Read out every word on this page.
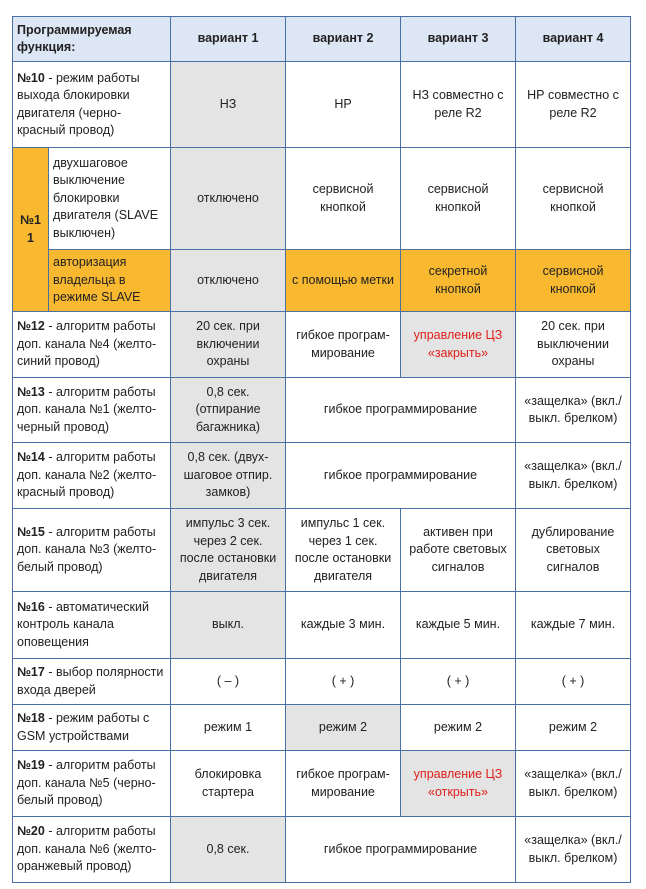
Программируемая функция:		вариант 1	вариант 2	вариант 3	вариант 4
№10 - режим работы выхода блокировки двигателя (черно-красный провод)		НЗ	НР	НЗ совместно с реле R2	НР совместно с реле R2
№11	двухшаговое выключение блокировки двигателя (SLAVE выключен)	отключено	сервисной кнопкой	сервисной кнопкой	сервисной кнопкой
	авторизация владельца в режиме SLAVE	отключено	с помощью метки	секретной кнопкой	сервисной кнопкой
№12 - алгоритм работы доп. канала №4 (желто-синий провод)		20 сек. при включении охраны	гибкое програм-мирование	управление ЦЗ «закрыть»	20 сек. при выключении охраны
№13 - алгоритм работы доп. канала №1 (желто-черный провод)		0,8 сек. (отпирание багажника)	гибкое программирование		«защелка» (вкл./выкл. брелком)
№14 - алгоритм работы доп. канала №2 (желто-красный провод)		0,8 сек. (двух-шаговое отпир. замков)	гибкое программирование		«защелка» (вкл./выкл. брелком)
№15 - алгоритм работы доп. канала №3 (желто-белый провод)		импульс 3 сек. через 2 сек. после остановки двигателя	импульс 1 сек. через 1 сек. после остановки двигателя	активен при работе световых сигналов	дублирование световых сигналов
№16 - автоматический контроль канала оповещения		выкл.	каждые 3 мин.	каждые 5 мин.	каждые 7 мин.
№17 - выбор полярности входа дверей		( – )	( + )	( + )	( + )
№18 - режим работы с GSM устройствами		режим 1	режим 2	режим 2	режим 2
№19 - алгоритм работы доп. канала №5 (черно-белый провод)		блокировка стартера	гибкое програм-мирование	управление ЦЗ «открыть»	«защелка» (вкл./выкл. брелком)
№20 - алгоритм работы доп. канала №6 (желто-оранжевый провод)		0,8 сек.	гибкое программирование		«защелка» (вкл./выкл. брелком)
